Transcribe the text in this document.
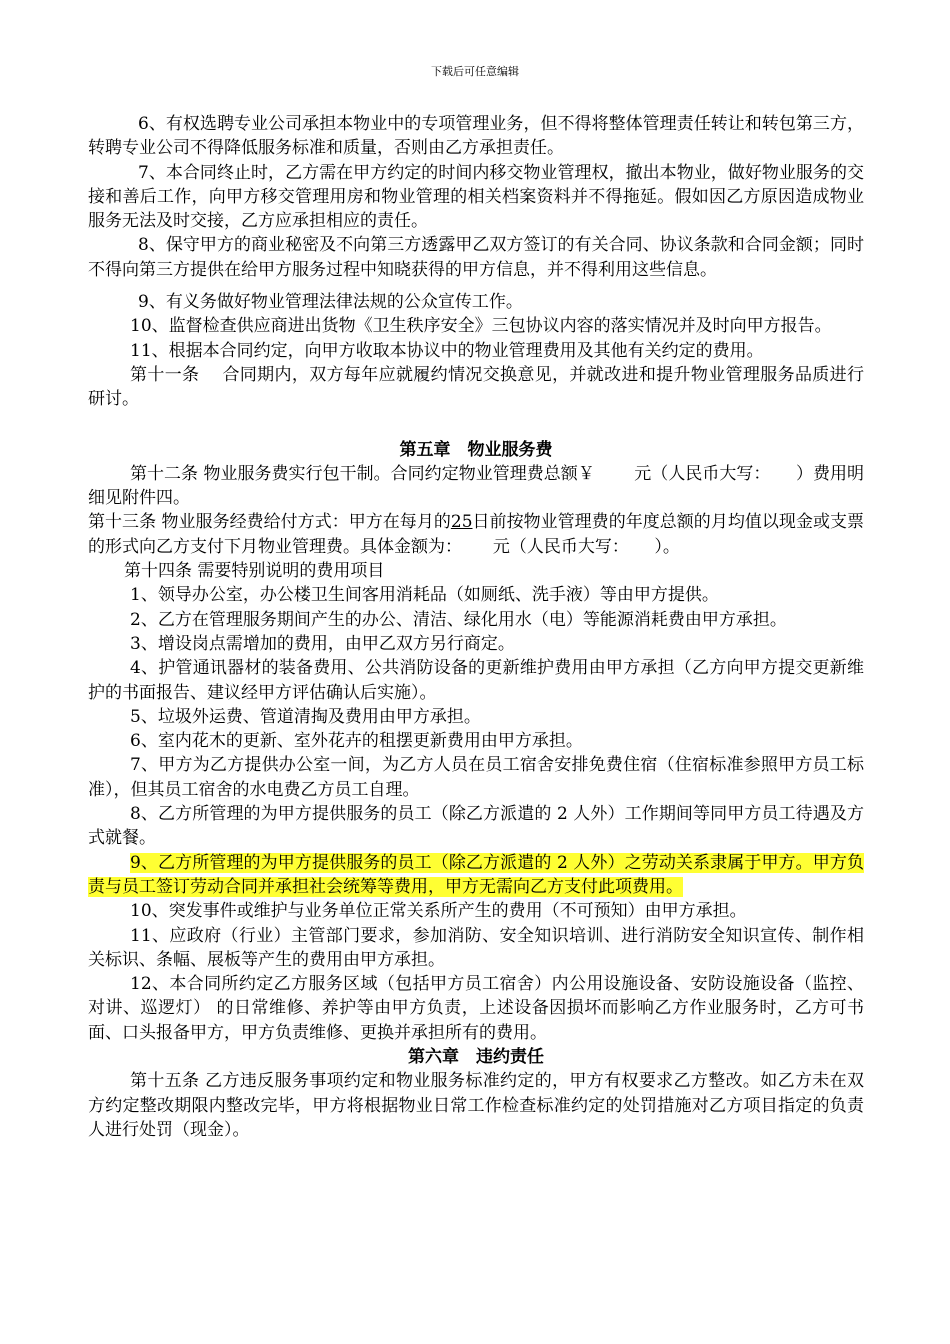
下载后可任意编辑

6、有权选聘专业公司承担本物业中的专项管理业务，但不得将整体管理责任转让和转包第三方，转聘专业公司不得降低服务标准和质量，否则由乙方承担责任。

7、本合同终止时，乙方需在甲方约定的时间内移交物业管理权，撤出本物业，做好物业服务的交接和善后工作，向甲方移交管理用房和物业管理的相关档案资料并不得拖延。假如因乙方原因造成物业服务无法及时交接，乙方应承担相应的责任。

8、保守甲方的商业秘密及不向第三方透露甲乙双方签订的有关合同、协议条款和合同金额；同时不得向第三方提供在给甲方服务过程中知晓获得的甲方信息，并不得利用这些信息。

9、有义务做好物业管理法律法规的公众宣传工作。

10、监督检查供应商进出货物《卫生秩序安全》三包协议内容的落实情况并及时向甲方报告。

11、根据本合同约定，向甲方收取本协议中的物业管理费用及其他有关约定的费用。

第十一条　 合同期内，双方每年应就履约情况交换意见，并就改进和提升物业管理服务品质进行研讨。

第五章　物业服务费

第十二条 物业服务费实行包干制。合同约定物业管理费总额￥　　 元（人民币大写：　　）费用明细见附件四。

第十三条 物业服务经费给付方式：甲方在每月的25日前按物业管理费的年度总额的月均值以现金或支票的形式向乙方支付下月物业管理费。具体金额为：　　 元（人民币大写：　　）。

第十四条 需要特别说明的费用项目

1、领导办公室，办公楼卫生间客用消耗品（如厕纸、洗手液）等由甲方提供。

2、乙方在管理服务期间产生的办公、清洁、绿化用水（电）等能源消耗费由甲方承担。

3、增设岗点需增加的费用，由甲乙双方另行商定。

4、护管通讯器材的装备费用、公共消防设备的更新维护费用由甲方承担（乙方向甲方提交更新维护的书面报告、建议经甲方评估确认后实施）。

5、垃圾外运费、管道清掏及费用由甲方承担。

6、室内花木的更新、室外花卉的租摆更新费用由甲方承担。

7、甲方为乙方提供办公室一间，为乙方人员在员工宿舍安排免费住宿（住宿标准参照甲方员工标准），但其员工宿舍的水电费乙方员工自理。

8、乙方所管理的为甲方提供服务的员工（除乙方派遣的 2 人外）工作期间等同甲方员工待遇及方式就餐。

9、乙方所管理的为甲方提供服务的员工（除乙方派遣的 2 人外）之劳动关系隶属于甲方。甲方负责与员工签订劳动合同并承担社会统筹等费用，甲方无需向乙方支付此项费用。

10、突发事件或维护与业务单位正常关系所产生的费用（不可预知）由甲方承担。

11、应政府（行业）主管部门要求，参加消防、安全知识培训、进行消防安全知识宣传、制作相关标识、条幅、展板等产生的费用由甲方承担。

12、本合同所约定乙方服务区域（包括甲方员工宿舍）内公用设施设备、安防设施设备（监控、对讲、巡逻灯） 的日常维修、养护等由甲方负责，上述设备因损坏而影响乙方作业服务时，乙方可书面、口头报备甲方，甲方负责维修、更换并承担所有的费用。

第六章　违约责任

第十五条 乙方违反服务事项约定和物业服务标准约定的，甲方有权要求乙方整改。如乙方未在双方约定整改期限内整改完毕，甲方将根据物业日常工作检查标准约定的处罚措施对乙方项目指定的负责人进行处罚（现金）。
